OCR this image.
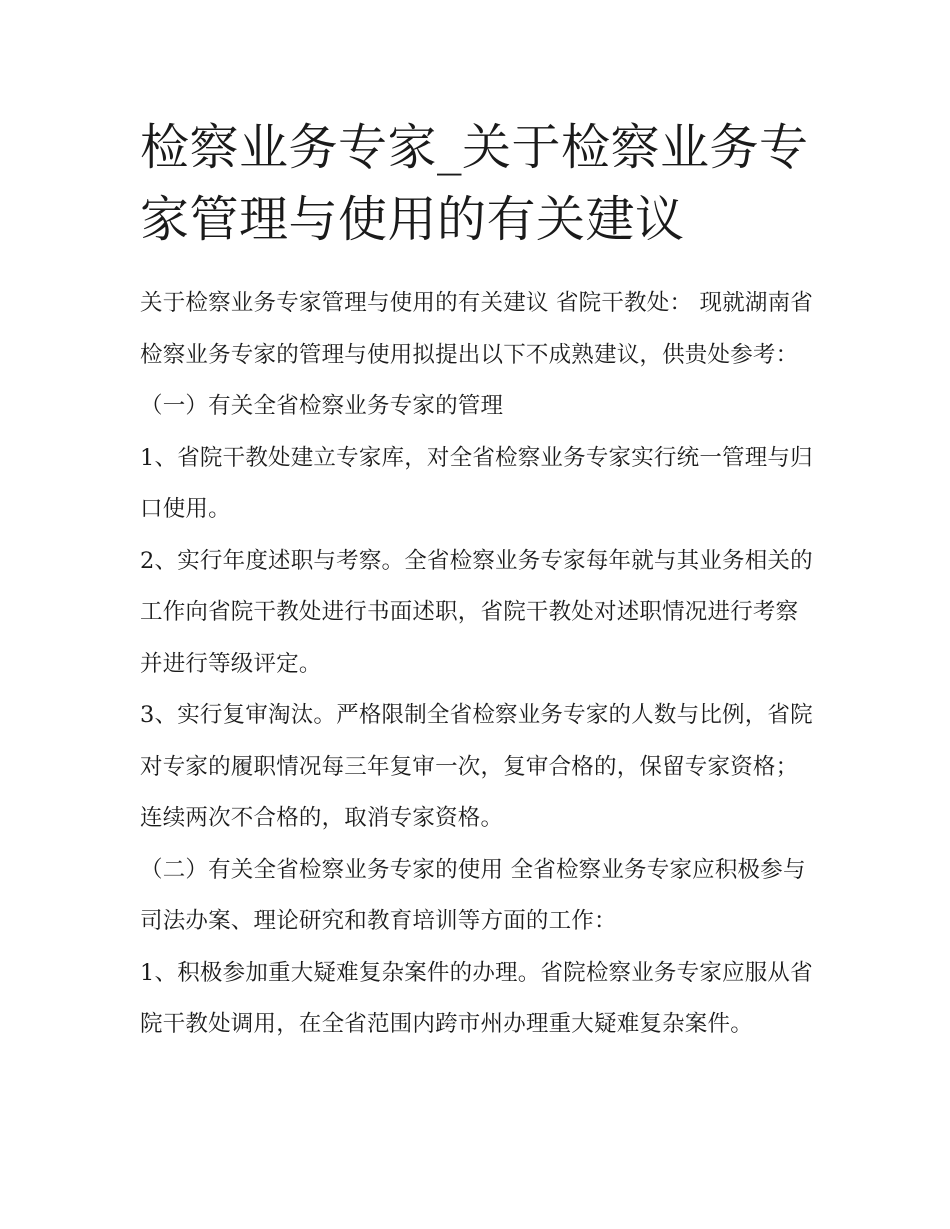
检察业务专家_关于检察业务专家管理与使用的有关建议

关于检察业务专家管理与使用的有关建议 省院干教处： 现就湖南省检察业务专家的管理与使用拟提出以下不成熟建议，供贵处参考： （一）有关全省检察业务专家的管理

1、省院干教处建立专家库，对全省检察业务专家实行统一管理与归口使用。

2、实行年度述职与考察。全省检察业务专家每年就与其业务相关的工作向省院干教处进行书面述职，省院干教处对述职情况进行考察并进行等级评定。

3、实行复审淘汰。严格限制全省检察业务专家的人数与比例，省院对专家的履职情况每三年复审一次，复审合格的，保留专家资格；连续两次不合格的，取消专家资格。

（二）有关全省检察业务专家的使用 全省检察业务专家应积极参与司法办案、理论研究和教育培训等方面的工作：

1、积极参加重大疑难复杂案件的办理。省院检察业务专家应服从省院干教处调用，在全省范围内跨市州办理重大疑难复杂案件。
